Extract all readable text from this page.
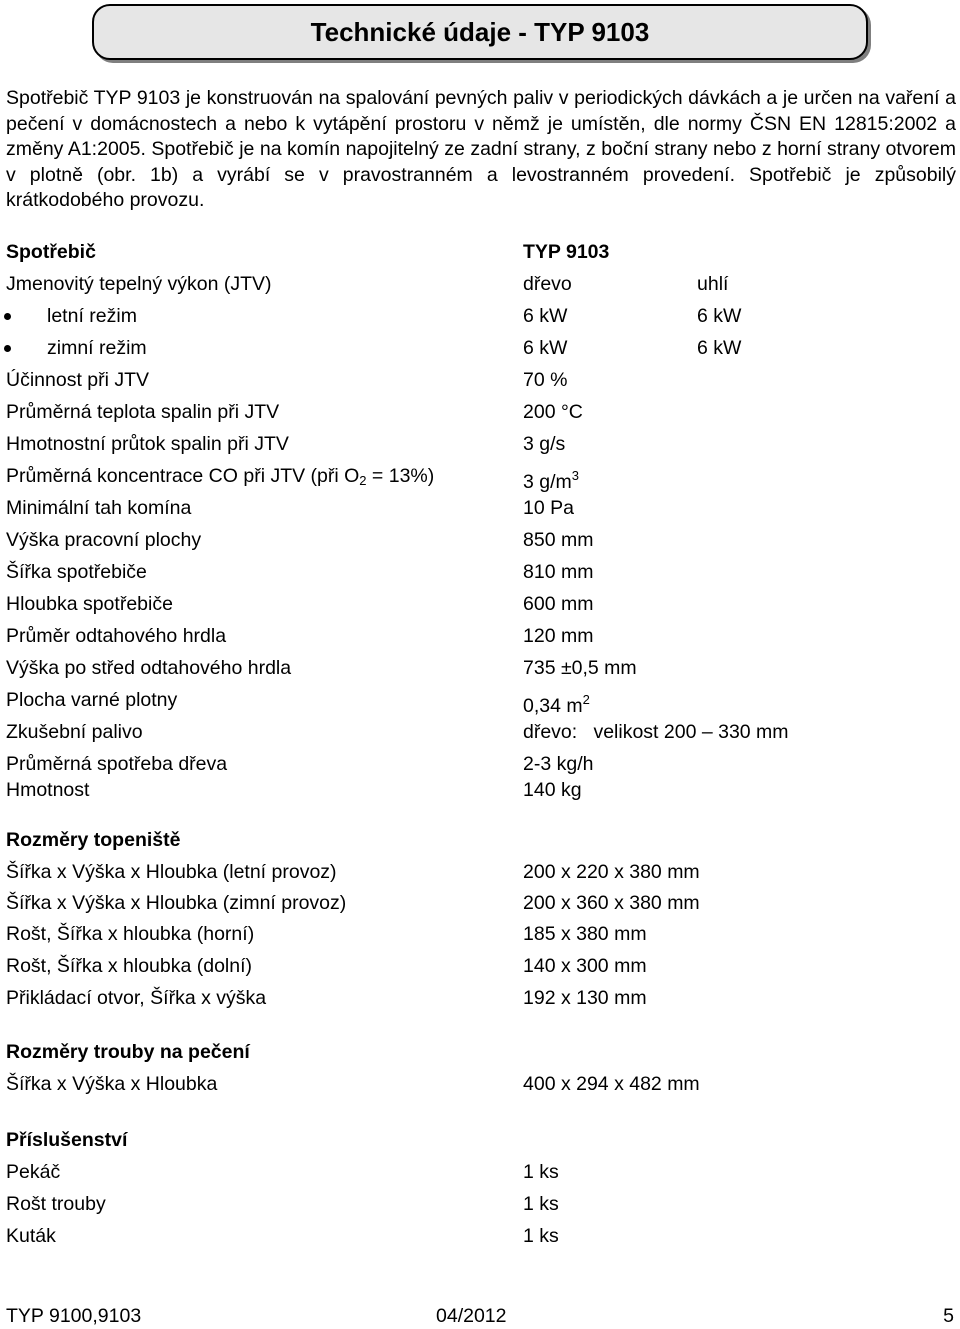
Technické údaje - TYP 9103

Spotřebič TYP 9103 je konstruován na spalování pevných paliv v periodických dávkách a je určen na vaření a pečení v domácnostech a nebo k vytápění prostoru v němž je umístěn, dle normy ČSN EN 12815:2002 a změny A1:2005. Spotřebič je na komín napojitelný ze zadní strany, z boční strany nebo z horní strany otvorem v plotně (obr. 1b) a vyrábí se v pravostranném a levostranném provedení. Spotřebič je způsobilý krátkodobého provozu.

Spotřebič	TYP 9103
Jmenovitý tepelný výkon (JTV)	dřevo	uhlí
letní režim	6 kW	6 kW
zimní režim	6 kW	6 kW
Účinnost při JTV	70 %
Průměrná teplota spalin při JTV	200 °C
Hmotnostní průtok spalin při JTV	3 g/s
Průměrná koncentrace CO při JTV (při $O_2 = 13\%$)	3 $g/m^3$
Minimální tah komína	10 Pa
Výška pracovní plochy	850 mm
Šířka spotřebiče	810 mm
Hloubka spotřebiče	600 mm
Průměr odtahového hrdla	120 mm
Výška po střed odtahového hrdla	735 ±0,5 mm
Plocha varné plotny	0,34 $m^2$
Zkušební palivo	dřevo:   velikost 200 – 330 mm
Průměrná spotřeba dřeva	2-3 kg/h
Hmotnost	140 kg
Rozměry topeniště
Šířka x Výška x Hloubka (letní provoz)	200 x 220 x 380 mm
Šířka x Výška x Hloubka (zimní provoz)	200 x 360 x 380 mm
Rošt, Šířka x hloubka (horní)	185 x 380 mm
Rošt, Šířka x hloubka (dolní)	140 x 300 mm
Přikládací otvor, Šířka x výška	192 x 130 mm
Rozměry trouby na pečení
Šířka x Výška x Hloubka	400 x 294 x 482 mm
Příslušenství
Pekáč	1 ks
Rošt trouby	1 ks
Kuták	1 ks
TYP 9100,9103	04/2012	5
